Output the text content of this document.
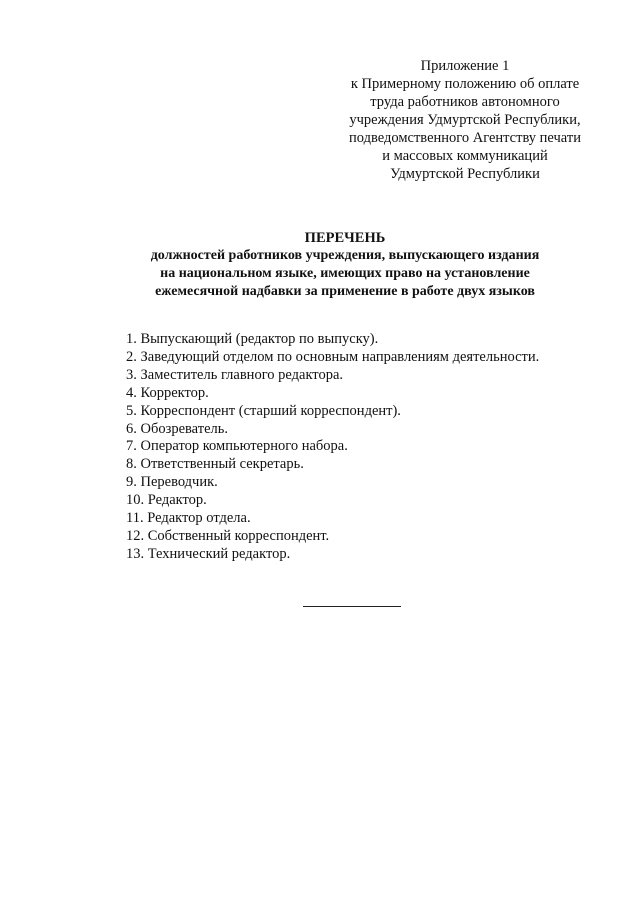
Приложение 1
к Примерному положению об оплате
труда работников автономного
учреждения Удмуртской Республики,
подведомственного Агентству печати
и массовых коммуникаций
Удмуртской Республики
ПЕРЕЧЕНЬ
должностей работников учреждения, выпускающего издания
на национальном языке, имеющих право на установление
ежемесячной надбавки за применение в работе двух языков
1. Выпускающий (редактор по выпуску).
2. Заведующий отделом по основным направлениям деятельности.
3. Заместитель главного редактора.
4. Корректор.
5. Корреспондент (старший корреспондент).
6. Обозреватель.
7. Оператор компьютерного набора.
8. Ответственный секретарь.
9. Переводчик.
10. Редактор.
11. Редактор отдела.
12. Собственный корреспондент.
13. Технический редактор.
